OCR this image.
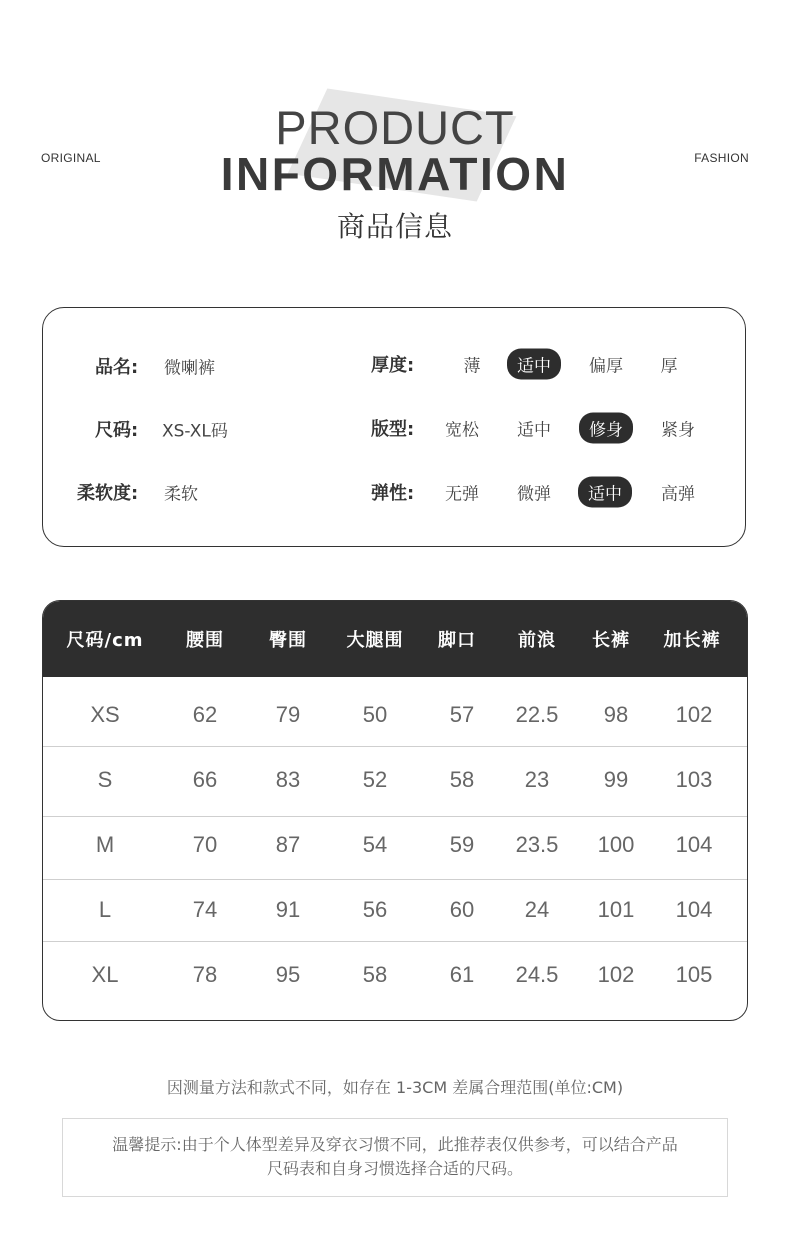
ORIGINAL	FASHION
PRODUCT
INFORMATION
商品信息
品名: 微喇裤
尺码: XS-XL码
柔软度: 柔软
厚度:	薄	适中	偏厚	厚
版型:	宽松	适中	修身	紧身
弹性:	无弹	微弹	适中	高弹
尺码/cm 腰围	臀围 大腿围 脚口 前浪 长裤 加长裤
XS	62	79	50	57 22.5 98 102
S	66	83	52	58 23 99 103
M	70	87	54	59 23.5 100 104
L	74	91	56	60 24 101 104
XL	78	95	58	61 24.5 102 105
因测量方法和款式不同，如存在 1-3CM 差属合理范围(单位:CM)
温馨提示:由于个人体型差异及穿衣习惯不同，此推荐表仅供参考，可以结合产品
尺码表和自身习惯选择合适的尺码。
